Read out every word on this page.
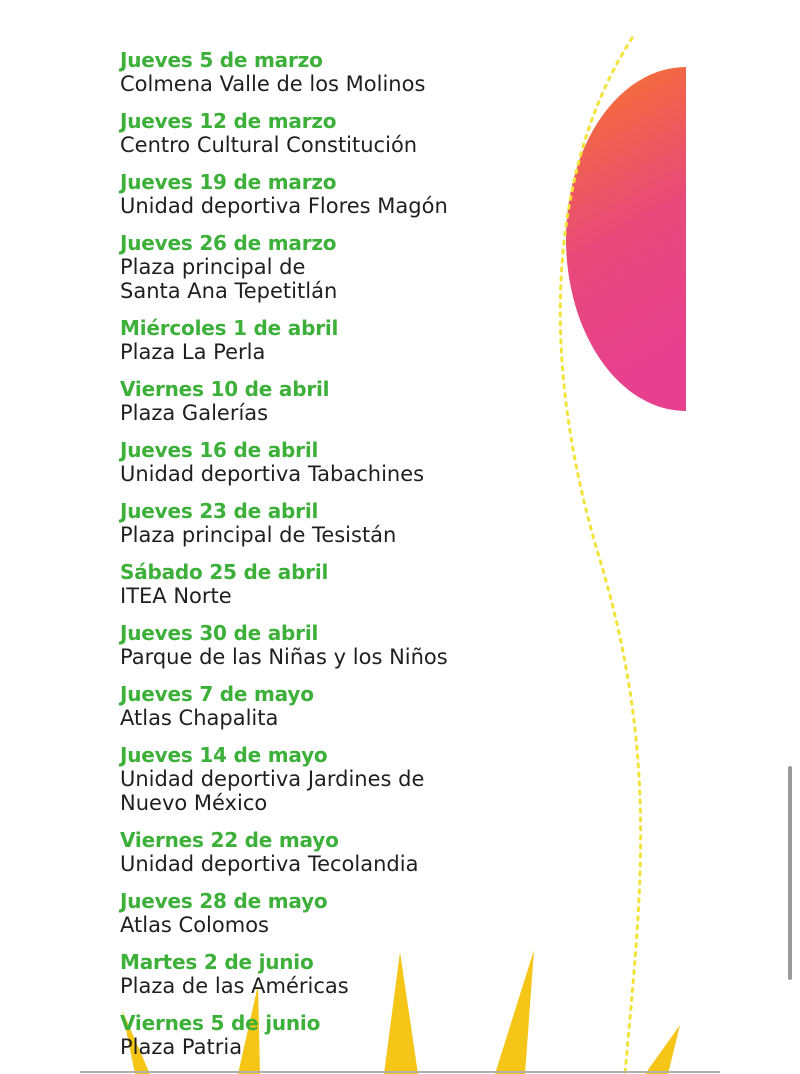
Jueves 5 de marzo
Colmena Valle de los Molinos
Jueves 12 de marzo
Centro Cultural Constitución
Jueves 19 de marzo
Unidad deportiva Flores Magón
Jueves 26 de marzo
Plaza principal de Santa Ana Tepetitlán
Miércoles 1 de abril
Plaza La Perla
Viernes 10 de abril
Plaza Galerías
Jueves 16 de abril
Unidad deportiva Tabachines
Jueves 23 de abril
Plaza principal de Tesistán
Sábado 25 de abril
ITEA Norte
Jueves 30 de abril
Parque de las Niñas y los Niños
Jueves 7 de mayo
Atlas Chapalita
Jueves 14 de mayo
Unidad deportiva Jardines de Nuevo México
Viernes 22 de mayo
Unidad deportiva Tecolandia
Jueves 28 de mayo
Atlas Colomos
Martes 2 de junio
Plaza de las Américas
Viernes 5 de junio
Plaza Patria
